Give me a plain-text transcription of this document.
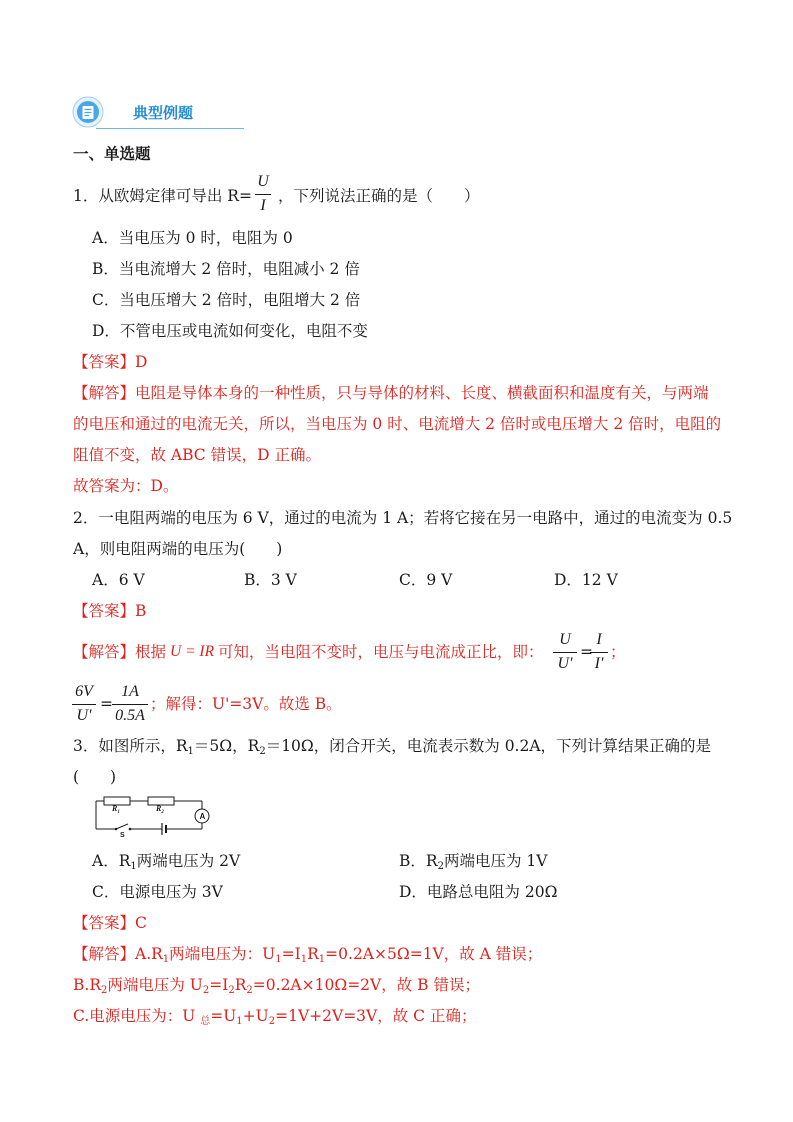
典型例题
一、单选题
1．从欧姆定律可导出 R=
U
I
，下列说法正确的是（　　）
A．当电压为 0 时，电阻为 0
B．当电流增大 2 倍时，电阻减小 2 倍
C．当电压增大 2 倍时，电阻增大 2 倍
D．不管电压或电流如何变化，电阻不变
【答案】D
【解答】电阻是导体本身的一种性质，只与导体的材料、长度、横截面积和温度有关，与两端
的电压和通过的电流无关，所以，当电压为 0 时、电流增大 2 倍时或电压增大 2 倍时，电阻的
阻值不变，故 ABC 错误，D 正确。
故答案为：D。
2．一电阻两端的电压为 6 V，通过的电流为 1 A；若将它接在另一电路中，通过的电流变为 0.5
A，则电阻两端的电压为(　　)
A．6 V	B．3 V	C．9 V	D．12 V
【答案】B
【解答】根据 U = IR 可知，当电阻不变时，电压与电流成正比，即：
U
U'
=
I
I'
；
6V
U'
=
1A
0.5A
；解得：U'=3V。故选 B。
3．如图所示，$R_1=5\Omega$，$R_2=10\Omega$，闭合开关，电流表示数为 0.2A，下列计算结果正确的是
(　　)
$R_1$	$R_2$	A
S
A．$R_1$两端电压为 2V	B．$R_2$两端电压为 1V
C．电源电压为 3V	D．电路总电阻为 20Ω
【答案】C
【解答】$A.R_1$两端电压为：$U_1=I_1R_1=0.2A\times 5\Omega=1V$，故 A 错误；
$B.R_2$两端电压为 $U_2=I_2R_2=0.2A\times 10\Omega=2V$，故 B 错误；
C.电源电压为：U $_总=U_1+U_2=1V+2V=3V$，故 C 正确；
